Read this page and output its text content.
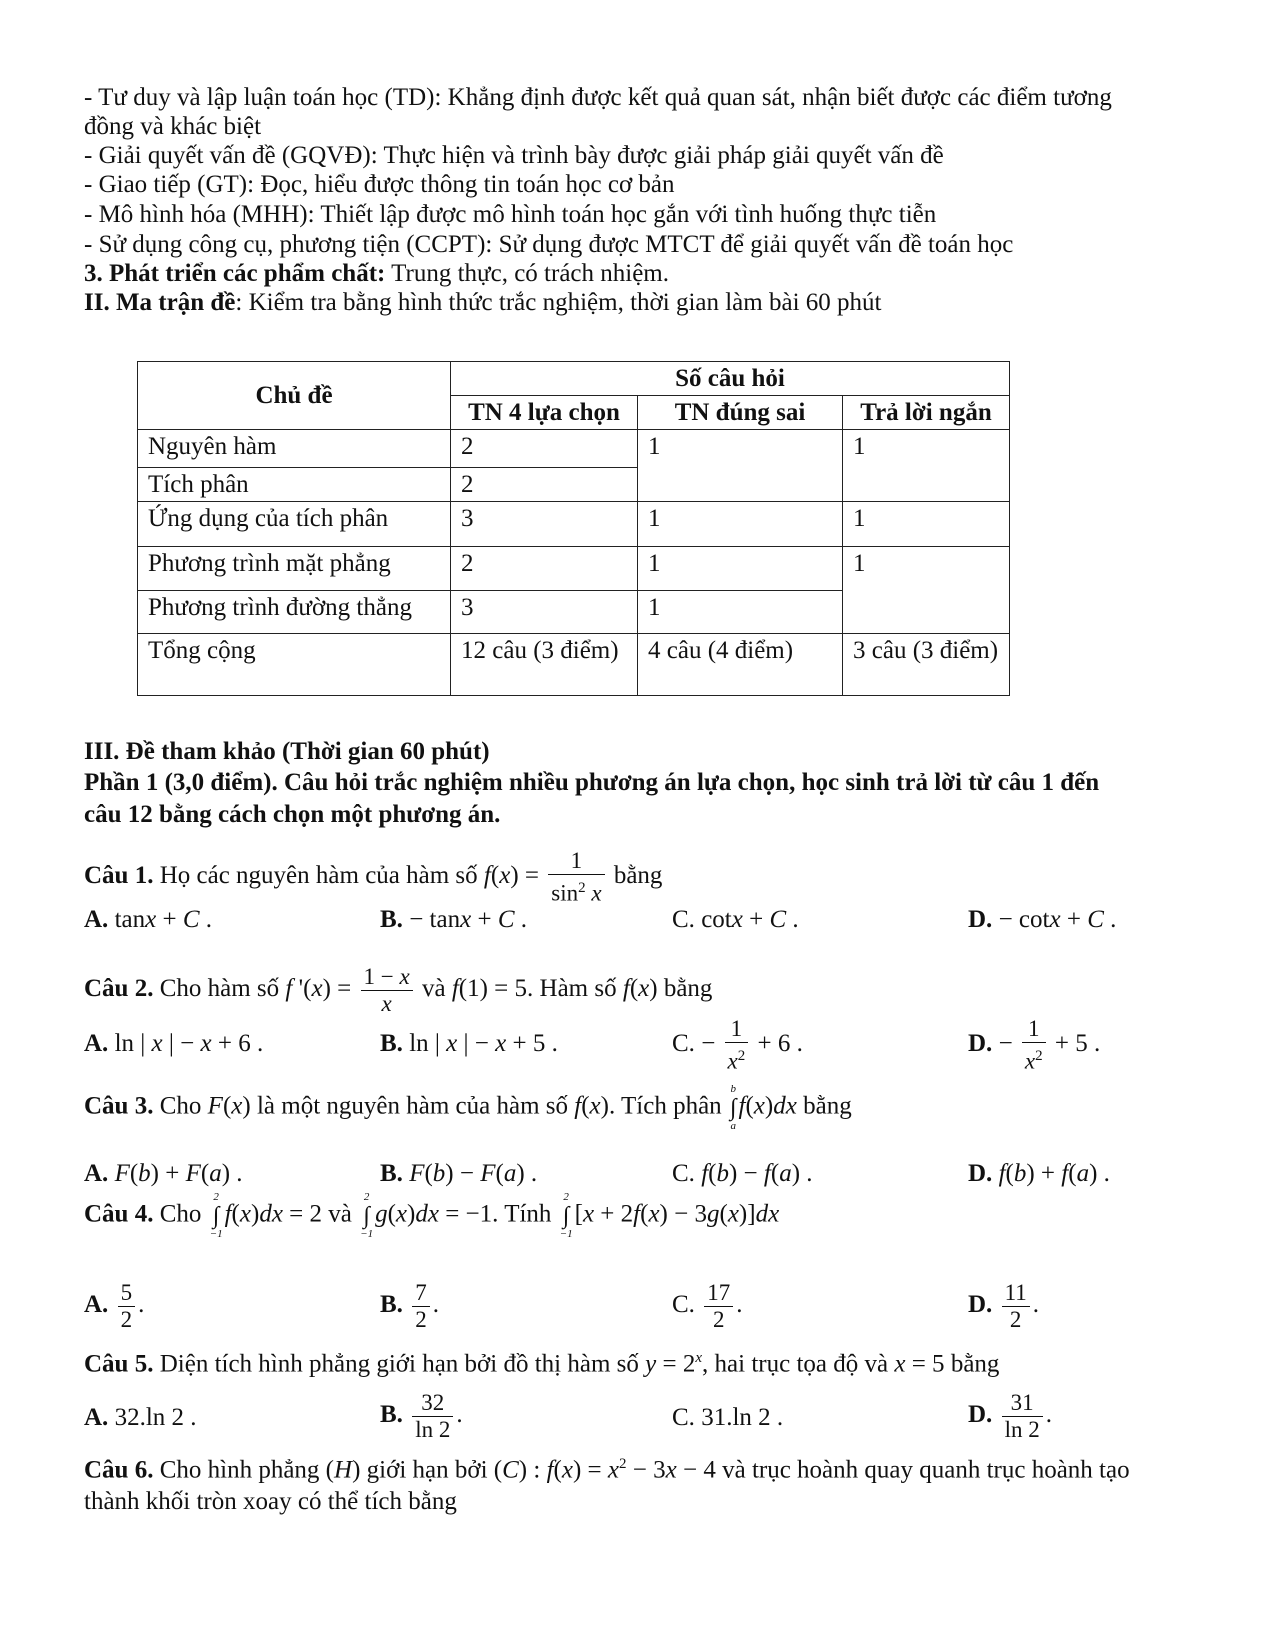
- Tư duy và lập luận toán học (TD): Khẳng định được kết quả quan sát, nhận biết được các điểm tương
đồng và khác biệt
- Giải quyết vấn đề (GQVĐ): Thực hiện và trình bày được giải pháp giải quyết vấn đề
- Giao tiếp (GT): Đọc, hiểu được thông tin toán học cơ bản
- Mô hình hóa (MHH): Thiết lập được mô hình toán học gắn với tình huống thực tiễn
- Sử dụng công cụ, phương tiện (CCPT): Sử dụng được MTCT để giải quyết vấn đề toán học
3. Phát triển các phẩm chất: Trung thực, có trách nhiệm.
II. Ma trận đề: Kiểm tra bằng hình thức trắc nghiệm, thời gian làm bài 60 phút
Chủ đề	Số câu hỏi		
	TN 4 lựa chọn	TN đúng sai	Trả lời ngắn
Nguyên hàm	2	1	1
Tích phân	2		
Ứng dụng của tích phân	3	1	1
Phương trình mặt phẳng	2	1	1
Phương trình đường thẳng	3	1	
Tổng cộng	12 câu (3 điểm)	4 câu (4 điểm)	3 câu (3 điểm)
III. Đề tham khảo (Thời gian 60 phút)
Phần 1 (3,0 điểm). Câu hỏi trắc nghiệm nhiều phương án lựa chọn, học sinh trả lời từ câu 1 đến
câu 12 bằng cách chọn một phương án.
Câu 1. Họ các nguyên hàm của hàm số $f(x) = \frac{1}{\sin^2 x}$ bằng
A. tanx + C .	B. − tanx + C .	C. cotx + C .	D. − cotx + C .
Câu 2. Cho hàm số f '$(x) = \frac{1 - x}{x}$ và f(1) = 5. Hàm số f(x) bằng
A. ln | x | − x + 6 .	B. ln | x | − x + 5 .	C. − $\frac{1}{x^2} + 6$ .	D. − $\frac{1}{x^2} + 5$ .
Câu 3. Cho F(x) là một nguyên hàm của hàm số f(x). Tích phân
b
∫
a
f(x)dx bằng
A. F(b) + F(a) .	B. F(b) − F(a) .	C. f(b) − f(a) .	D. f(b) + f(a) .
Câu 4. Cho
2
∫
−1
f(x)dx = 2 và
2
∫
−1
g(x)dx = −1. Tính
2
∫
−1
[x + 2f(x) − 3g(x)]dx
A. $\frac{5}{2}$ .	B. $\frac{7}{2}$ .	C. $\frac{17}{2}$ .	D. $\frac{11}{2}$ .
Câu 5. Diện tích hình phẳng giới hạn bởi đồ thị hàm số $y = 2^x$, hai trục tọa độ và x = 5 bằng
A. 32.ln 2 .	B. $\frac{32}{\ln 2}$ .	C. 31.ln 2 .	D. $\frac{31}{\ln 2}$ .
Câu 6. Cho hình phẳng (H) giới hạn bởi (C) : $f(x) = x^2 - 3x - 4$ và trục hoành quay quanh trục hoành tạo
thành khối tròn xoay có thể tích bằng
